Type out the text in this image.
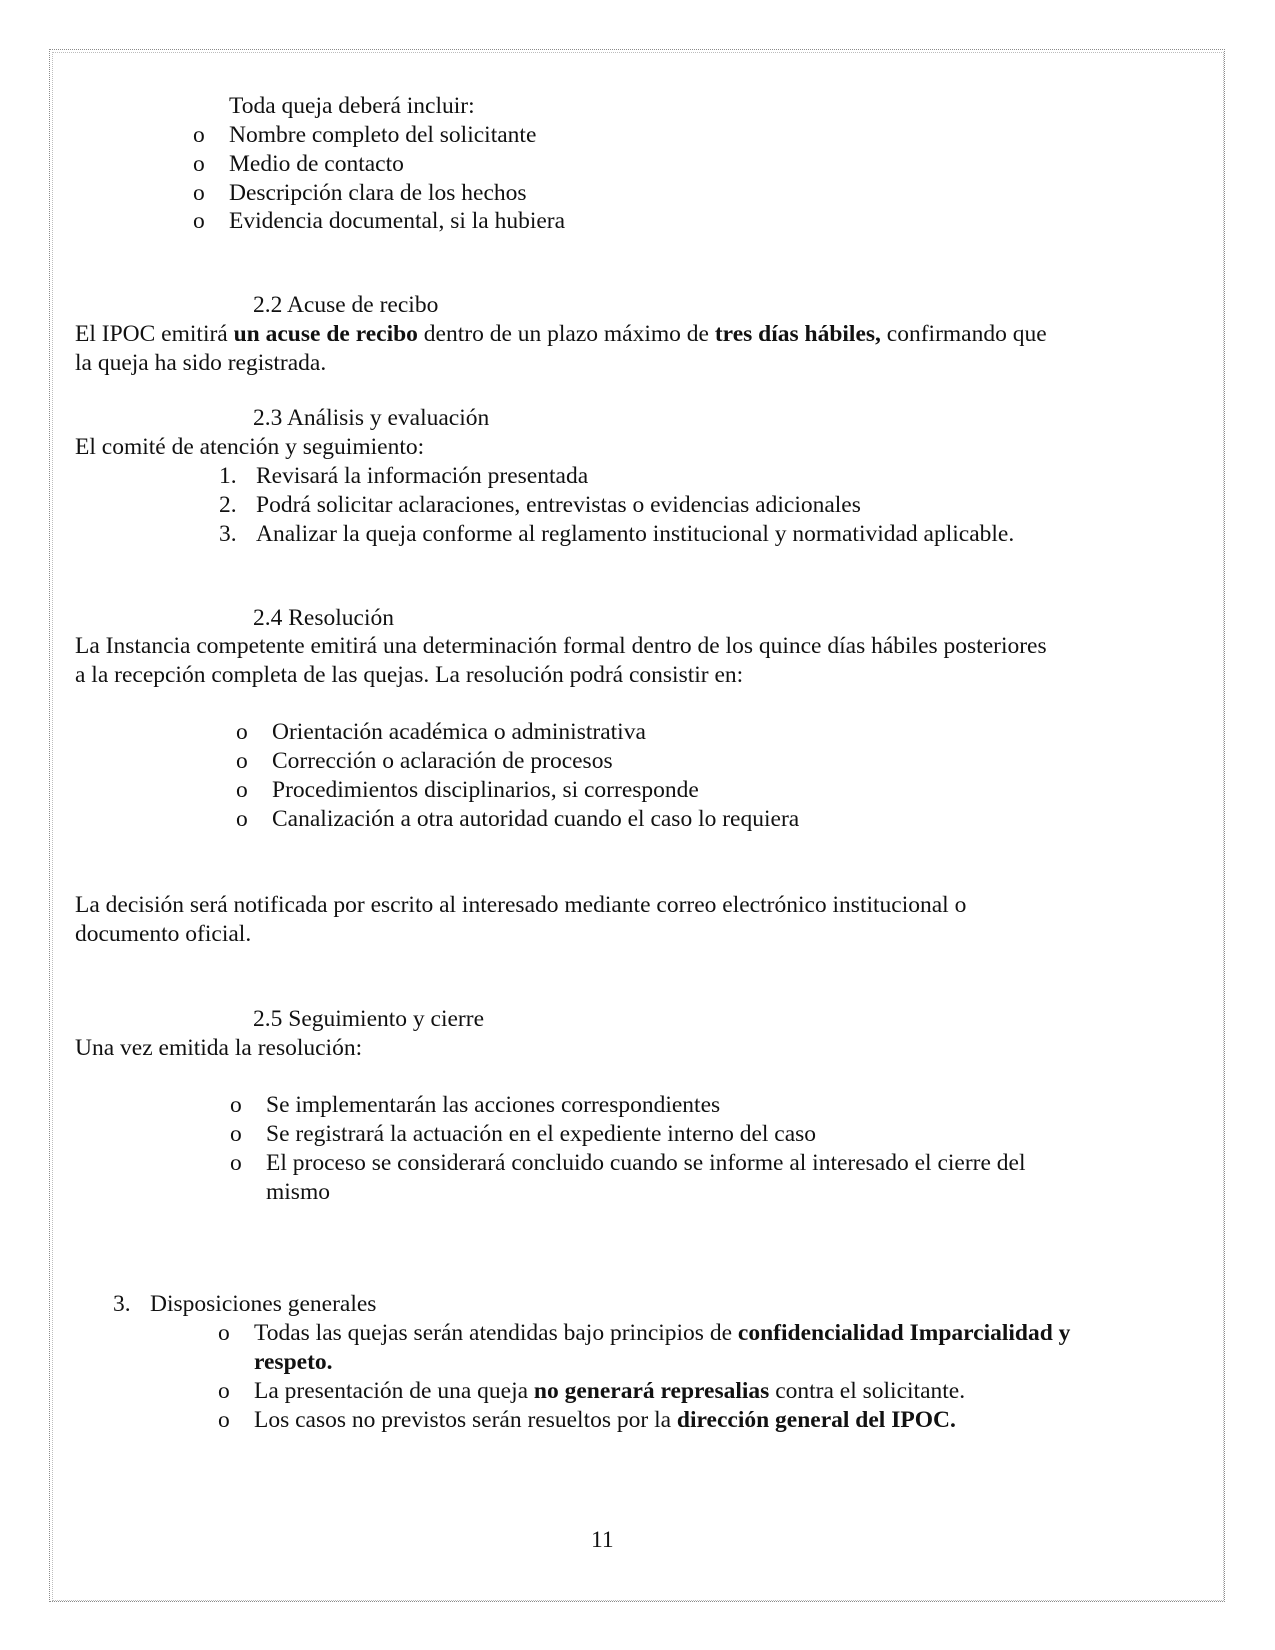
Toda queja deberá incluir:
o Nombre completo del solicitante
o Medio de contacto
o Descripción clara de los hechos
o Evidencia documental, si la hubiera
2.2 Acuse de recibo
El IPOC emitirá un acuse de recibo dentro de un plazo máximo de tres días hábiles, confirmando que
la queja ha sido registrada.
2.3 Análisis y evaluación
El comité de atención y seguimiento:
1. Revisará la información presentada
2. Podrá solicitar aclaraciones, entrevistas o evidencias adicionales
3. Analizar la queja conforme al reglamento institucional y normatividad aplicable.
2.4 Resolución
La Instancia competente emitirá una determinación formal dentro de los quince días hábiles posteriores
a la recepción completa de las quejas. La resolución podrá consistir en:
o Orientación académica o administrativa
o Corrección o aclaración de procesos
o Procedimientos disciplinarios, si corresponde
o Canalización a otra autoridad cuando el caso lo requiera
La decisión será notificada por escrito al interesado mediante correo electrónico institucional o
documento oficial.
2.5 Seguimiento y cierre
Una vez emitida la resolución:
o Se implementarán las acciones correspondientes
o Se registrará la actuación en el expediente interno del caso
o El proceso se considerará concluido cuando se informe al interesado el cierre del
mismo
3. Disposiciones generales
o Todas las quejas serán atendidas bajo principios de confidencialidad Imparcialidad y
respeto.
o La presentación de una queja no generará represalias contra el solicitante.
o Los casos no previstos serán resueltos por la dirección general del IPOC.
11
